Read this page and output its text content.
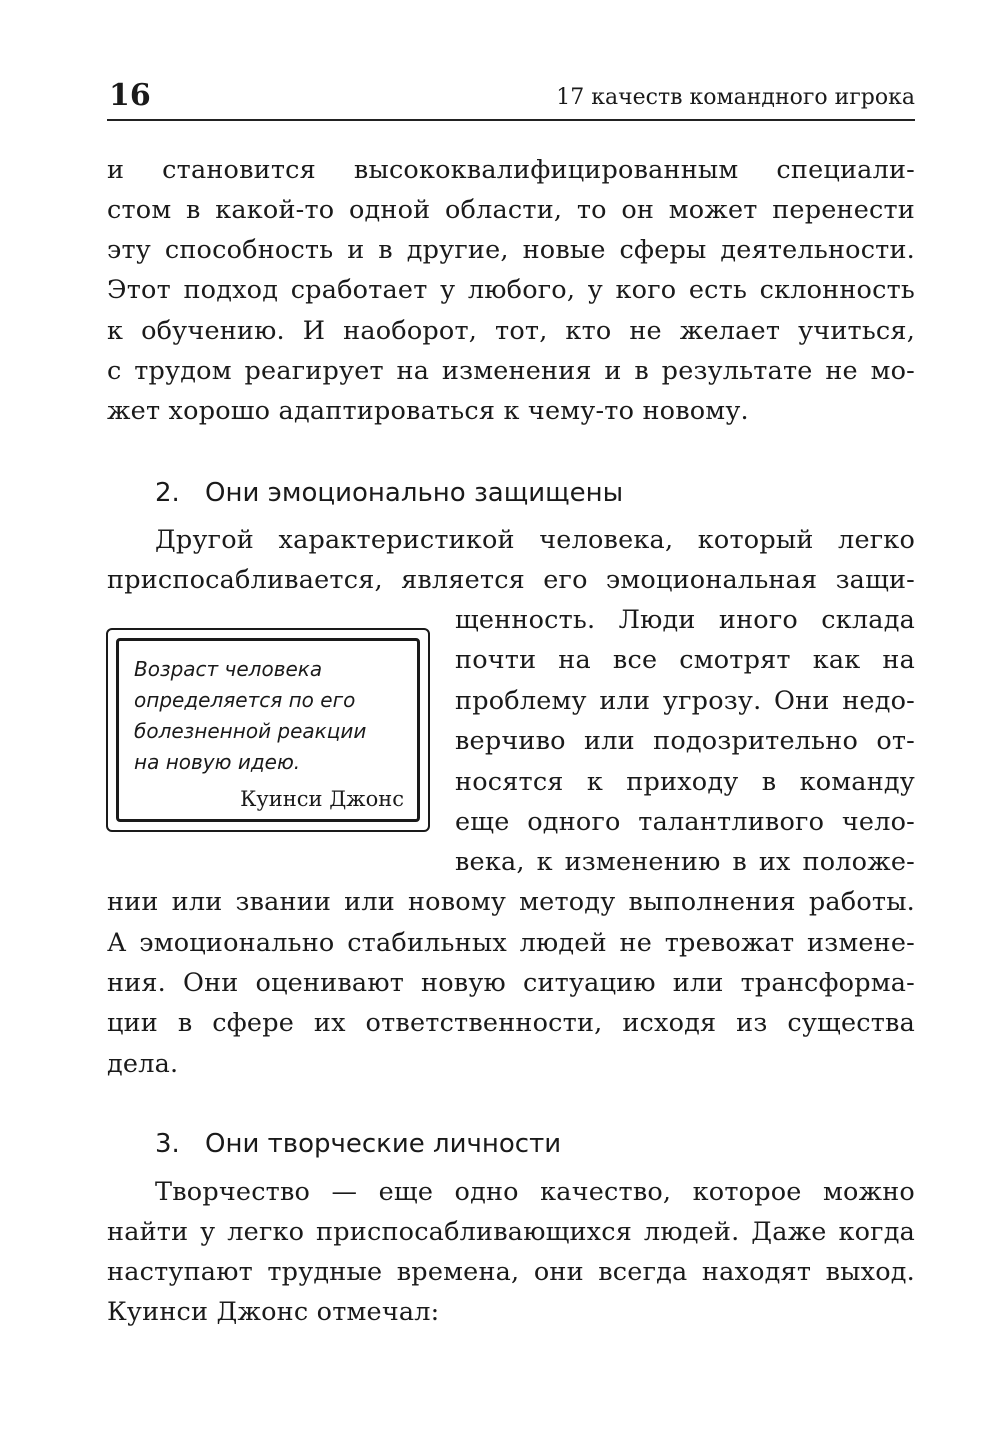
16	17 качеств командного игрока
и становится высококвалифицированным специали-
стом в какой-то одной области, то он может перенести
эту способность и в другие, новые сферы деятельности.
Этот подход сработает у любого, у кого есть склонность
к обучению. И наоборот, тот, кто не желает учиться,
с трудом реагирует на изменения и в результате не мо-
жет хорошо адаптироваться к чему-то новому.
2. Они эмоционально защищены
Другой характеристикой человека, который легко
приспосабливается, является его эмоциональная защи-
щенность. Люди иного склада
почти на все смотрят как на
проблему или угрозу. Они недо-
верчиво или подозрительно от-
носятся к приходу в команду
еще одного талантливого чело-
века, к изменению в их положе-
нии или звании или новому методу выполнения работы.
А эмоционально стабильных людей не тревожат измене-
ния. Они оценивают новую ситуацию или трансформа-
ции в сфере их ответственности, исходя из существа
дела.
Возраст человека
определяется по его
болезненной реакции
на новую идею.
Куинси Джонс
3. Они творческие личности
Творчество — еще одно качество, которое можно
найти у легко приспосабливающихся людей. Даже когда
наступают трудные времена, они всегда находят выход.
Куинси Джонс отмечал:
